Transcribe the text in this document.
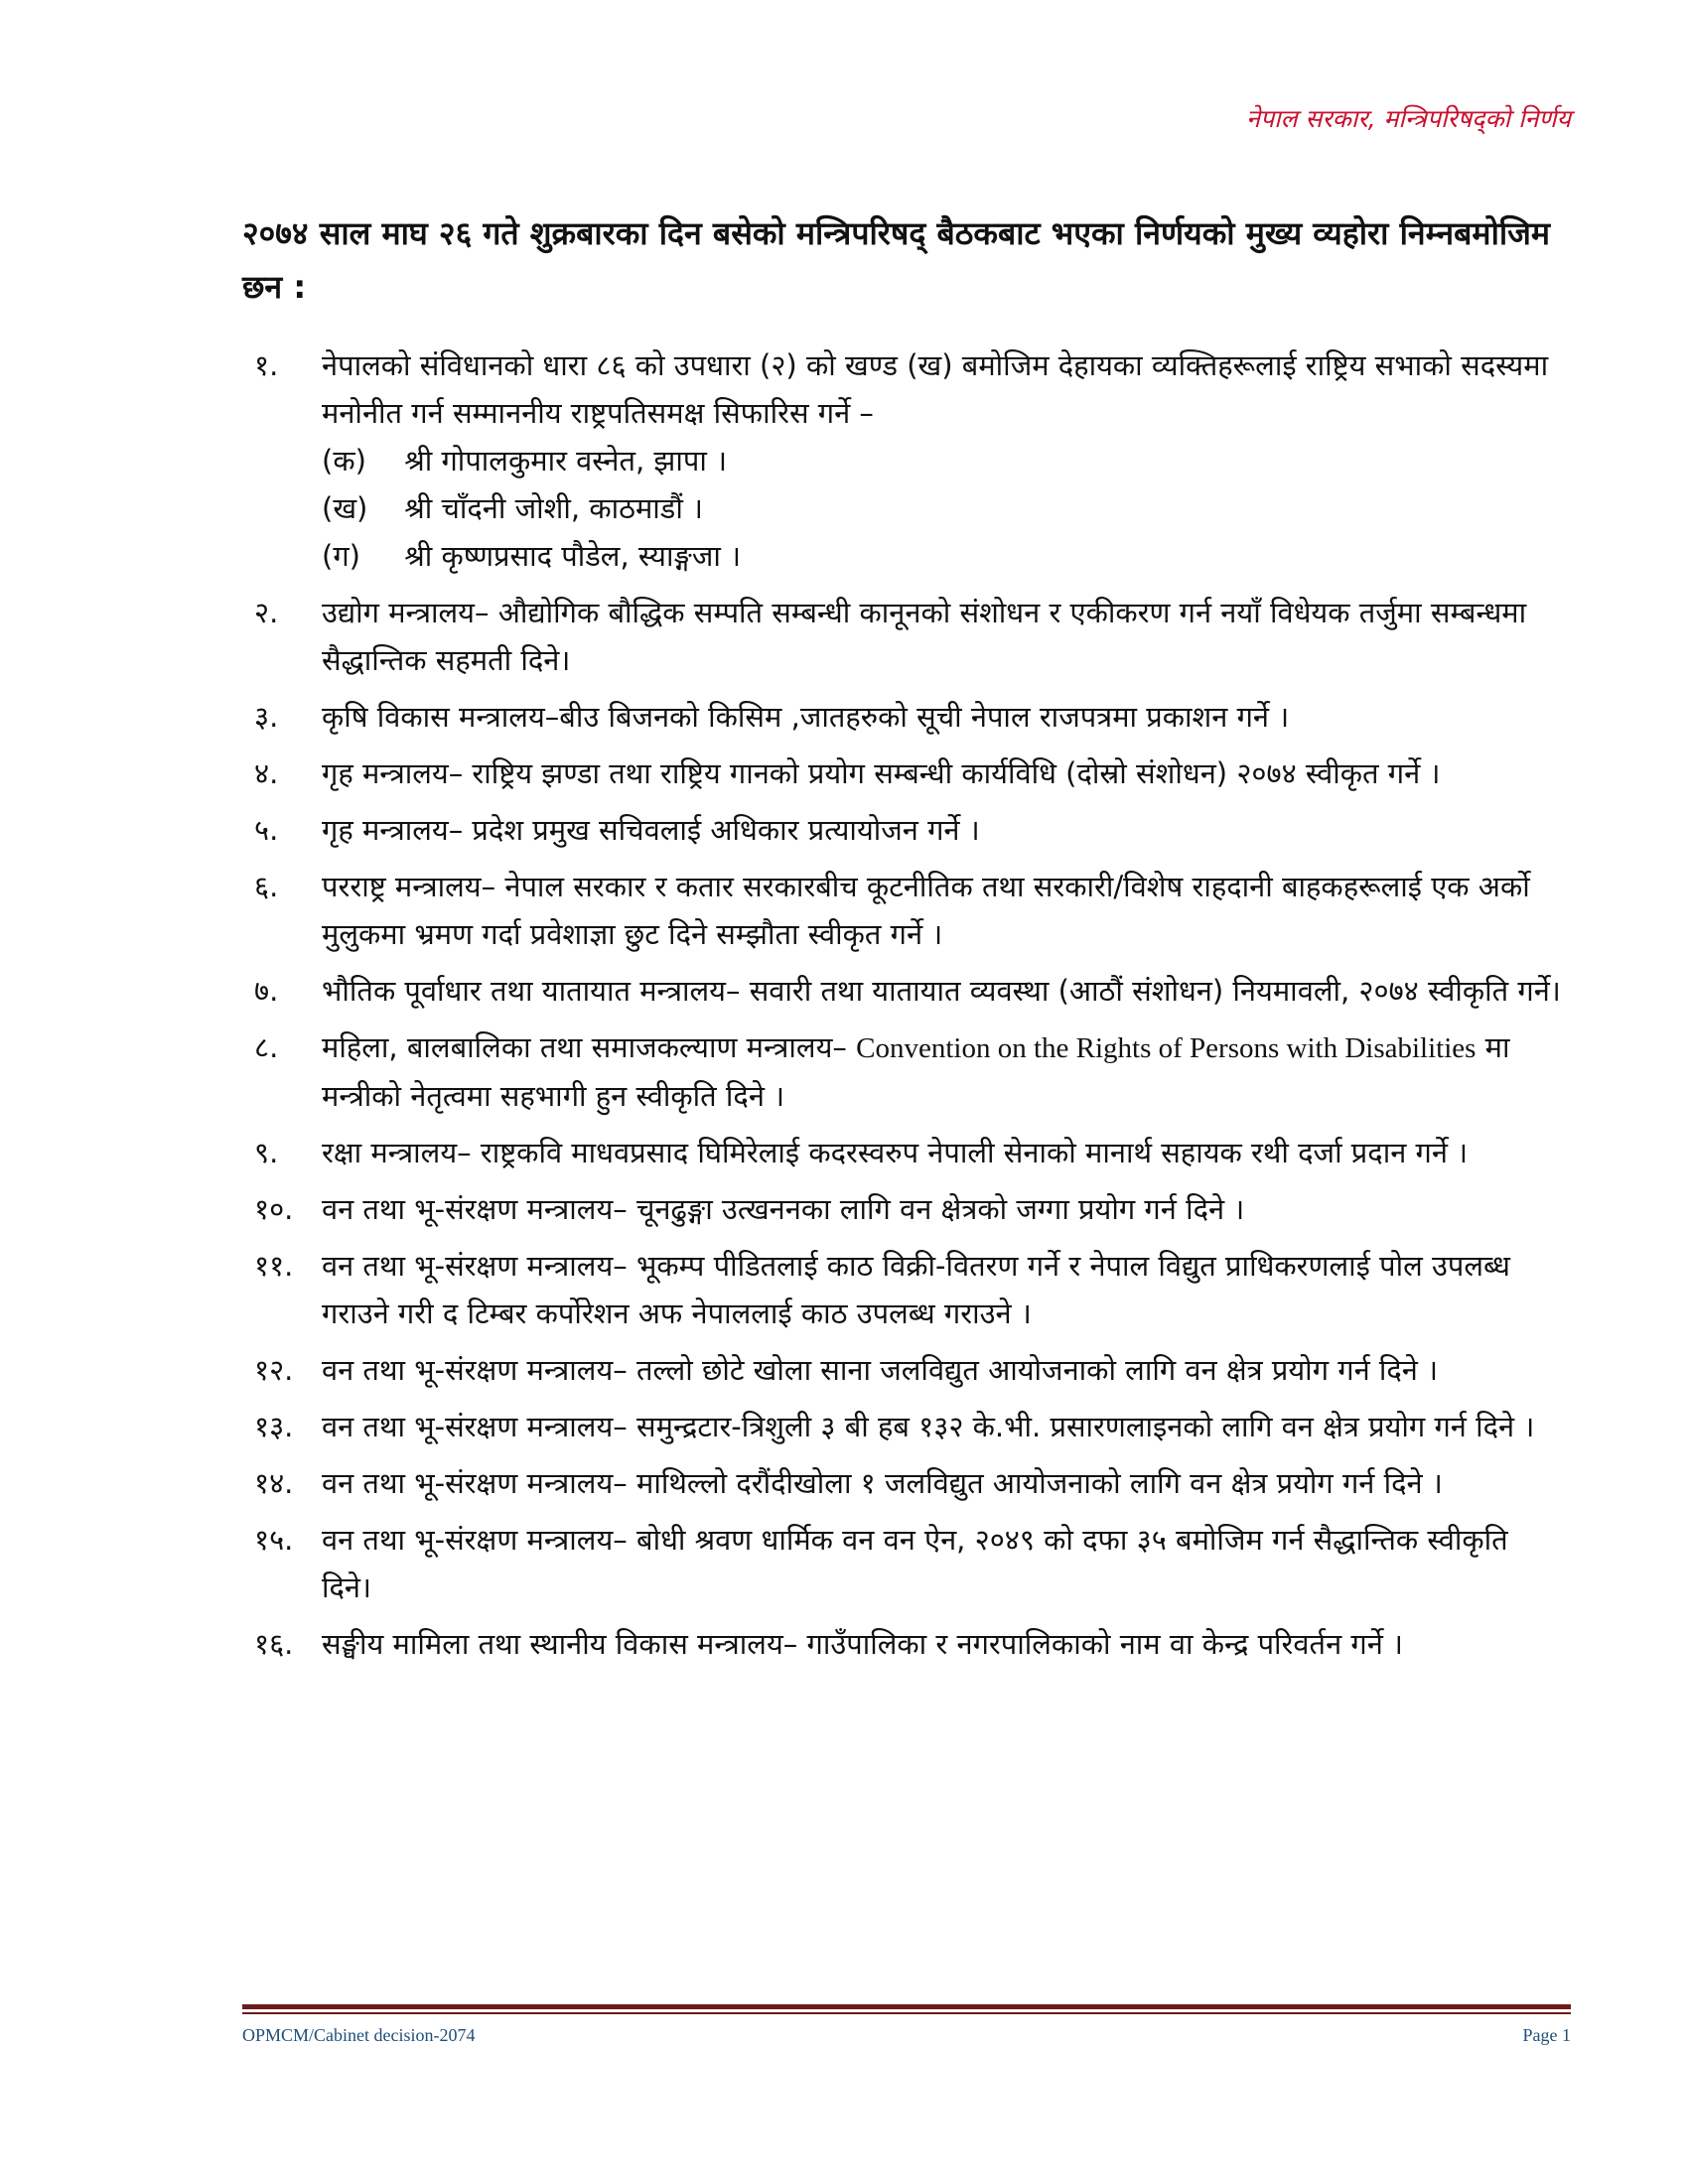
नेपाल सरकार, मन्त्रिपरिषद्को निर्णय

२०७४ साल माघ २६ गते शुक्रबारका दिन बसेको मन्त्रिपरिषद् बैठकबाट भएका निर्णयको मुख्य व्यहोरा निम्नबमोजिम छन :

१.	नेपालको संविधानको धारा ८६ को उपधारा (२) को खण्ड (ख) बमोजिम देहायका व्यक्तिहरूलाई राष्ट्रिय सभाको सदस्यमा मनोनीत गर्न सम्माननीय राष्ट्रपतिसमक्ष सिफारिस गर्ने –
(क) श्री गोपालकुमार वस्नेत, झापा ।
(ख) श्री चाँदनी जोशी, काठमाडौं ।
(ग) श्री कृष्णप्रसाद पौडेल, स्याङ्गजा ।
२.	उद्योग मन्त्रालय– औद्योगिक बौद्धिक सम्पति सम्बन्धी कानूनको संशोधन र एकीकरण गर्न नयाँ विधेयक तर्जुमा सम्बन्धमा सैद्धान्तिक सहमती दिने।
३.	कृषि विकास मन्त्रालय–बीउ बिजनको किसिम ,जातहरुको सूची नेपाल राजपत्रमा प्रकाशन गर्ने ।
४.	गृह मन्त्रालय– राष्ट्रिय झण्डा तथा राष्ट्रिय गानको प्रयोग सम्बन्धी कार्यविधि (दोस्रो संशोधन) २०७४ स्वीकृत गर्ने ।
५.	गृह मन्त्रालय– प्रदेश प्रमुख सचिवलाई अधिकार प्रत्यायोजन गर्ने ।
६.	परराष्ट्र मन्त्रालय– नेपाल सरकार र कतार सरकारबीच कूटनीतिक तथा सरकारी/विशेष राहदानी बाहकहरूलाई एक अर्को मुलुकमा भ्रमण गर्दा प्रवेशाज्ञा छुट दिने सम्झौता स्वीकृत गर्ने ।
७.	भौतिक पूर्वाधार तथा यातायात मन्त्रालय– सवारी तथा यातायात व्यवस्था (आठौं संशोधन) नियमावली, २०७४ स्वीकृति गर्ने।
८.	महिला, बालबालिका तथा समाजकल्याण मन्त्रालय– Convention on the Rights of Persons with Disabilities मा मन्त्रीको नेतृत्वमा सहभागी हुन स्वीकृति दिने ।
९.	रक्षा मन्त्रालय– राष्ट्रकवि माधवप्रसाद घिमिरेलाई कदरस्वरुप नेपाली सेनाको मानार्थ सहायक रथी दर्जा प्रदान गर्ने ।
१०. वन तथा भू-संरक्षण मन्त्रालय– चूनढुङ्गा उत्खननका लागि वन क्षेत्रको जग्गा प्रयोग गर्न दिने ।
११. वन तथा भू-संरक्षण मन्त्रालय– भूकम्प पीडितलाई काठ विक्री-वितरण गर्ने र नेपाल विद्युत प्राधिकरणलाई पोल उपलब्ध गराउने गरी द टिम्बर कर्पोरेशन अफ नेपाललाई काठ उपलब्ध गराउने ।
१२. वन तथा भू-संरक्षण मन्त्रालय– तल्लो छोटे खोला साना जलविद्युत आयोजनाको लागि वन क्षेत्र प्रयोग गर्न दिने ।
१३. वन तथा भू-संरक्षण मन्त्रालय– समुन्द्रटार-त्रिशुली ३ बी हब १३२ के.भी. प्रसारणलाइनको लागि वन क्षेत्र प्रयोग गर्न दिने ।
१४. वन तथा भू-संरक्षण मन्त्रालय– माथिल्लो दरौंदीखोला १ जलविद्युत आयोजनाको लागि वन क्षेत्र प्रयोग गर्न दिने ।
१५. वन तथा भू-संरक्षण मन्त्रालय– बोधी श्रवण धार्मिक वन वन ऐन, २०४९ को दफा ३५ बमोजिम गर्न सैद्धान्तिक स्वीकृति दिने।
१६. सङ्घीय मामिला तथा स्थानीय विकास मन्त्रालय– गाउँपालिका र नगरपालिकाको नाम वा केन्द्र परिवर्तन गर्ने ।
OPMCM/Cabinet decision-2074	Page 1
